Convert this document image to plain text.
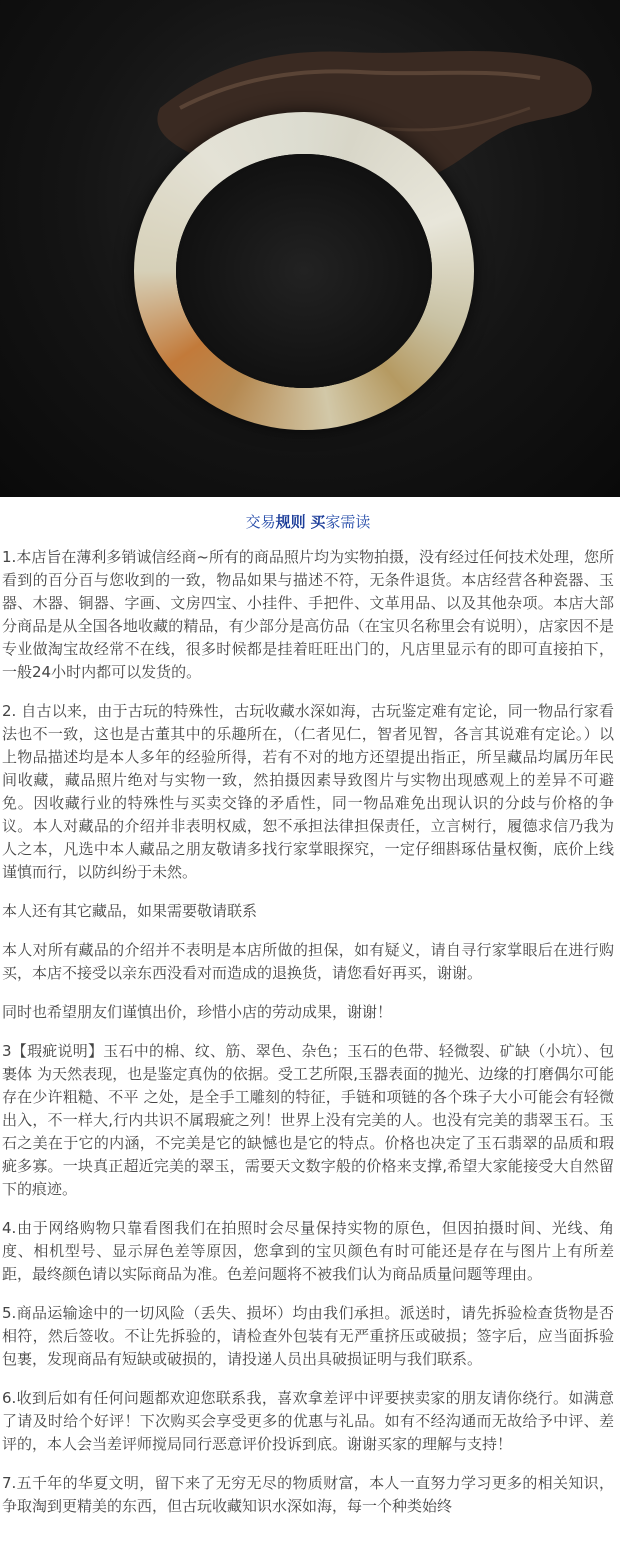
交易规则 买家需读

1.本店旨在薄利多销诚信经商~所有的商品照片均为实物拍摄，没有经过任何技术处理，您所看到的百分百与您收到的一致，物品如果与描述不符，无条件退货。本店经营各种瓷器、玉器、木器、铜器、字画、文房四宝、小挂件、手把件、文革用品、以及其他杂项。本店大部分商品是从全国各地收藏的精品，有少部分是高仿品（在宝贝名称里会有说明），店家因不是专业做淘宝故经常不在线，很多时候都是挂着旺旺出门的，凡店里显示有的即可直接拍下，一般24小时内都可以发货的。

2. 自古以来，由于古玩的特殊性，古玩收藏水深如海，古玩鉴定难有定论，同一物品行家看法也不一致，这也是古董其中的乐趣所在，（仁者见仁，智者见智，各言其说难有定论。）以上物品描述均是本人多年的经验所得，若有不对的地方还望提出指正，所呈藏品均属历年民间收藏，藏品照片绝对与实物一致，然拍摄因素导致图片与实物出现感观上的差异不可避免。因收藏行业的特殊性与买卖交锋的矛盾性，同一物品难免出现认识的分歧与价格的争议。本人对藏品的介绍并非表明权威，恕不承担法律担保责任，立言树行，履德求信乃我为人之本，凡选中本人藏品之朋友敬请多找行家掌眼探究，一定仔细斟琢估量权衡，底价上线谨慎而行，以防纠纷于未然。

本人还有其它藏品，如果需要敬请联系

本人对所有藏品的介绍并不表明是本店所做的担保，如有疑义，请自寻行家掌眼后在进行购买，本店不接受以亲东西没看对而造成的退换货，请您看好再买，谢谢。

同时也希望朋友们谨慎出价，珍惜小店的劳动成果，谢谢！

3【瑕疵说明】玉石中的棉、纹、筋、翠色、杂色；玉石的色带、轻微裂、矿缺（小坑）、包裹体 为天然表现，也是鉴定真伪的依据。受工艺所限,玉器表面的抛光、边缘的打磨偶尔可能存在少许粗糙、不平 之处，是全手工雕刻的特征，手链和项链的各个珠子大小可能会有轻微出入，不一样大,行内共识不属瑕疵之列！世界上没有完美的人。也没有完美的翡翠玉石。玉石之美在于它的内涵，不完美是它的缺憾也是它的特点。价格也决定了玉石翡翠的品质和瑕疵多寡。一块真正超近完美的翠玉，需要天文数字般的价格来支撑,希望大家能接受大自然留下的痕迹。

4.由于网络购物只靠看图我们在拍照时会尽量保持实物的原色，但因拍摄时间、光线、角度、相机型号、显示屏色差等原因，您拿到的宝贝颜色有时可能还是存在与图片上有所差距，最终颜色请以实际商品为准。色差问题将不被我们认为商品质量问题等理由。

5.商品运输途中的一切风险（丢失、损坏）均由我们承担。派送时，请先拆验检查货物是否相符，然后签收。不让先拆验的，请检查外包装有无严重挤压或破损；签字后，应当面拆验包裹，发现商品有短缺或破损的，请投递人员出具破损证明与我们联系。

6.收到后如有任何问题都欢迎您联系我，喜欢拿差评中评要挟卖家的朋友请你绕行。如满意了请及时给个好评！下次购买会享受更多的优惠与礼品。如有不经沟通而无故给予中评、差评的，本人会当差评师搅局同行恶意评价投诉到底。谢谢买家的理解与支持！

7.五千年的华夏文明，留下来了无穷无尽的物质财富，本人一直努力学习更多的相关知识，争取淘到更精美的东西，但古玩收藏知识水深如海，每一个种类始终
